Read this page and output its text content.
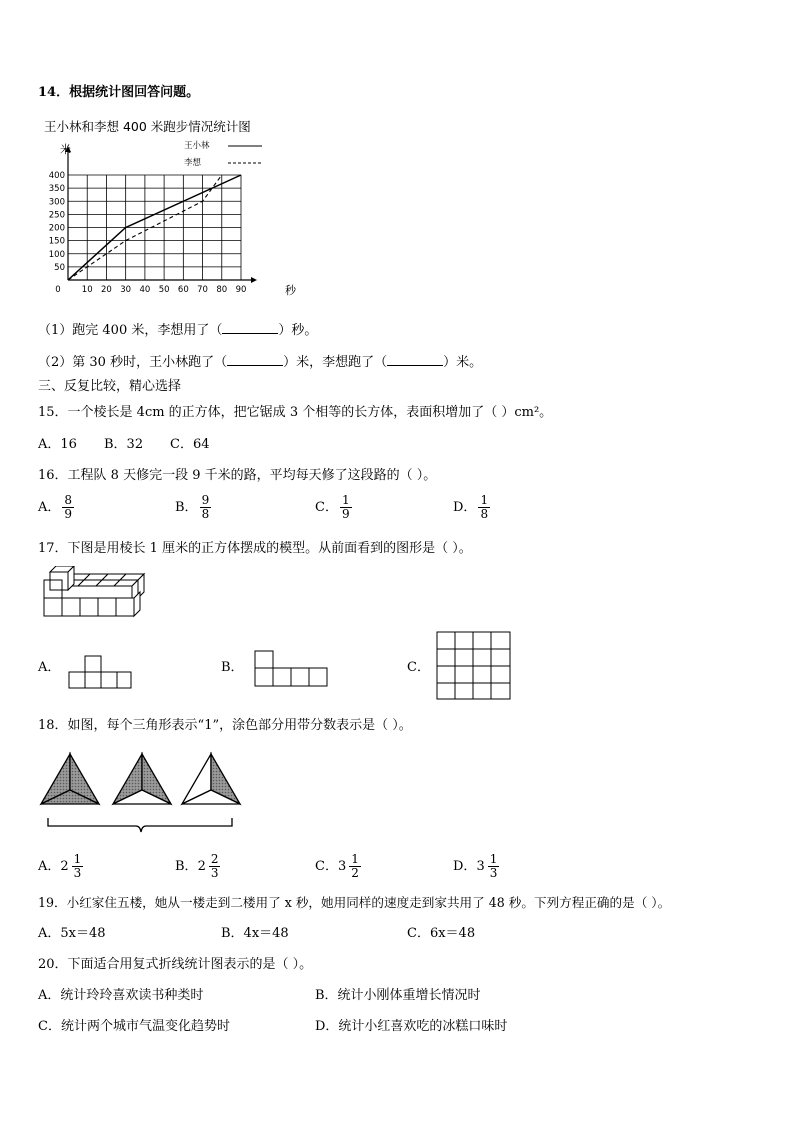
14．根据统计图回答问题。
王小林和李想 400 米跑步情况统计图
0 10 20 30 40 50 60 70 80 90
50
100
150
200
250
300
350
400
王小林
李想
米
秒
（1）跑完 400 米，李想用了（	）秒。
（2）第 30 秒时，王小林跑了（	）米，李想跑了（	）米。
三、反复比较，精心选择
15．一个棱长是 4cm 的正方体，把它锯成 3 个相等的长方体，表面积增加了（ ）cm²。
A．16 B．32 C．64
16．工程队 8 天修完一段 9 千米的路，平均每天修了这段路的（ ）。
A． $\frac{8}{9}$	B． $\frac{9}{8}$	C． $\frac{1}{9}$	D． $\frac{1}{8}$
17．下图是用棱长 1 厘米的正方体摆成的模型。从前面看到的图形是（ ）。
A．	B．	C．
18．如图，每个三角形表示“1”，涂色部分用带分数表示是（ ）。
A． $2 \frac{1}{3}$	B． $2 \frac{2}{3}$	C． $3 \frac{1}{2}$	D． $3 \frac{1}{3}$
19．小红家住五楼，她从一楼走到二楼用了 x 秒，她用同样的速度走到家共用了 48 秒。下列方程正确的是（ ）。
A．5x＝48	B．4x＝48	C．6x＝48
20．下面适合用复式折线统计图表示的是（ ）。
A．统计玲玲喜欢读书种类时	B．统计小刚体重增长情况时
C．统计两个城市气温变化趋势时	D．统计小红喜欢吃的冰糕口味时
